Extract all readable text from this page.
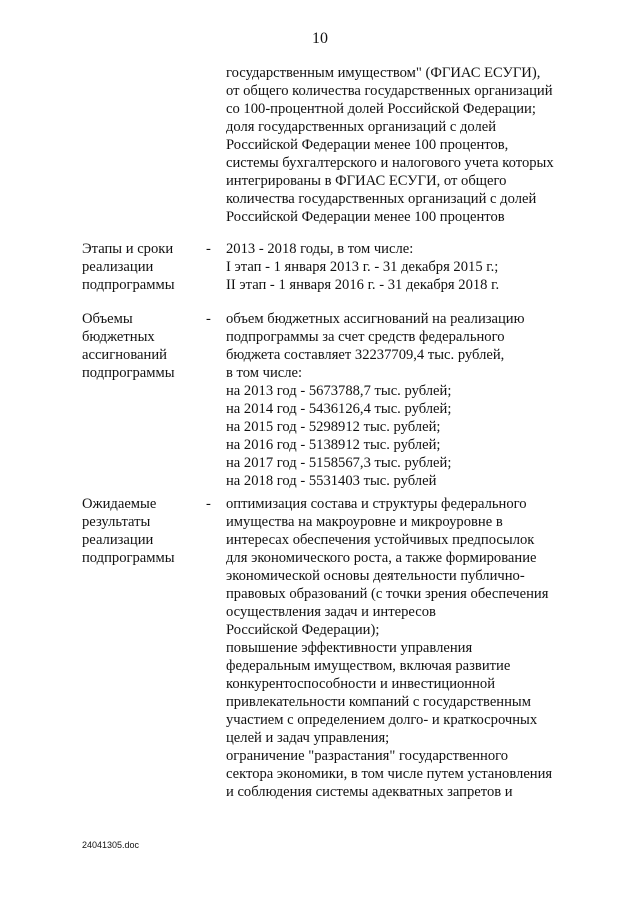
10

государственным имуществом" (ФГИАС ЕСУГИ),

от общего количества государственных организаций

со 100-процентной долей Российской Федерации;

доля государственных организаций с долей

Российской Федерации менее 100 процентов,

системы бухгалтерского и налогового учета которых

интегрированы в ФГИАС ЕСУГИ, от общего

количества государственных организаций с долей

Российской Федерации менее 100 процентов

Этапы и сроки

реализации

подпрограммы

- 2013 - 2018 годы, в том числе:

I этап - 1 января 2013 г. - 31 декабря 2015 г.;

II этап - 1 января 2016 г. - 31 декабря 2018 г.

Объемы

бюджетных

ассигнований

подпрограммы

- объем бюджетных ассигнований на реализацию

подпрограммы за счет средств федерального

бюджета составляет 32237709,4 тыс. рублей,

в том числе:

на 2013 год - 5673788,7 тыс. рублей;

на 2014 год - 5436126,4 тыс. рублей;

на 2015 год - 5298912 тыс. рублей;

на 2016 год - 5138912 тыс. рублей;

на 2017 год - 5158567,3 тыс. рублей;

на 2018 год - 5531403 тыс. рублей

Ожидаемые

результаты

реализации

подпрограммы

- оптимизация состава и структуры федерального

имущества на макроуровне и микроуровне в

интересах обеспечения устойчивых предпосылок

для экономического роста, а также формирование

экономической основы деятельности публично-

правовых образований (с точки зрения обеспечения

осуществления задач и интересов

Российской Федерации);

повышение эффективности управления

федеральным имуществом, включая развитие

конкурентоспособности и инвестиционной

привлекательности компаний с государственным

участием с определением долго- и краткосрочных

целей и задач управления;

ограничение "разрастания" государственного

сектора экономики, в том числе путем установления

и соблюдения системы адекватных запретов и

24041305.doc
